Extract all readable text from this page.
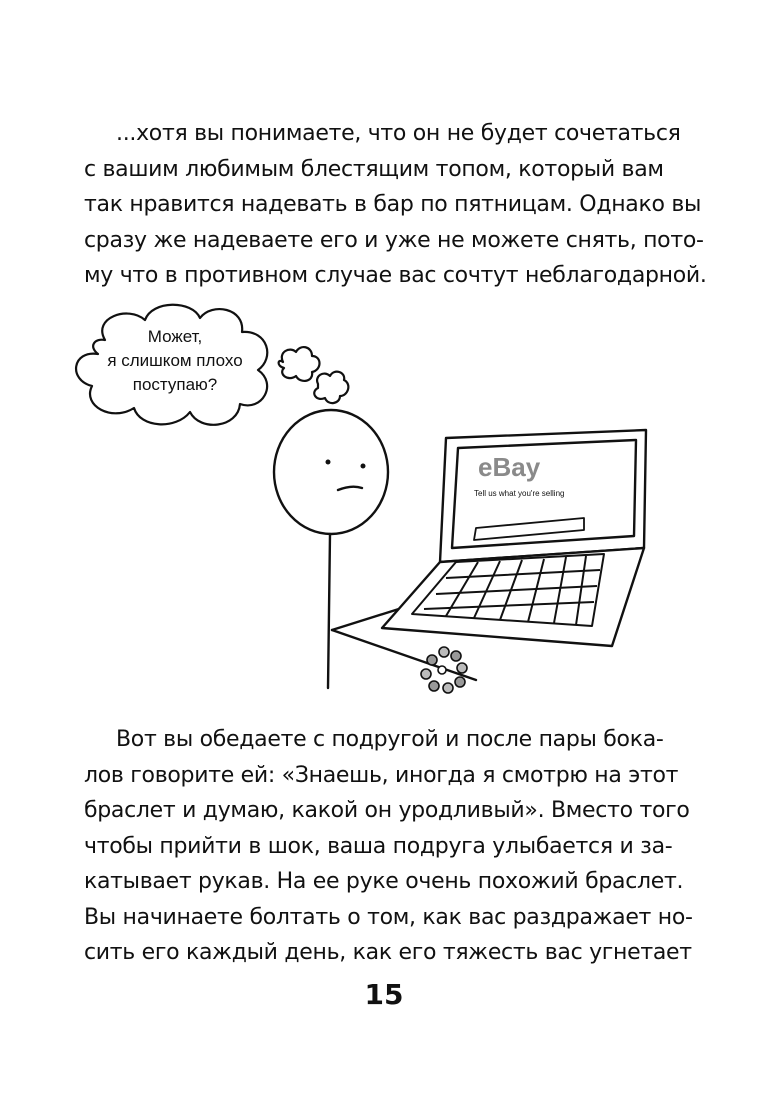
...хотя вы понимаете, что он не будет сочетаться
с вашим любимым блестящим топом, который вам
так нравится надевать в бар по пятницам. Однако вы
сразу же надеваете его и уже не можете снять, пото-
му что в противном случае вас сочтут неблагодарной.
Может,
я слишком плохо
поступаю?
eBay
Tell us what you're selling
Вот вы обедаете с подругой и после пары бока-
лов говорите ей: «Знаешь, иногда я смотрю на этот
браслет и думаю, какой он уродливый». Вместо того
чтобы прийти в шок, ваша подруга улыбается и за-
катывает рукав. На ее руке очень похожий браслет.
Вы начинаете болтать о том, как вас раздражает но-
сить его каждый день, как его тяжесть вас угнетает
15
